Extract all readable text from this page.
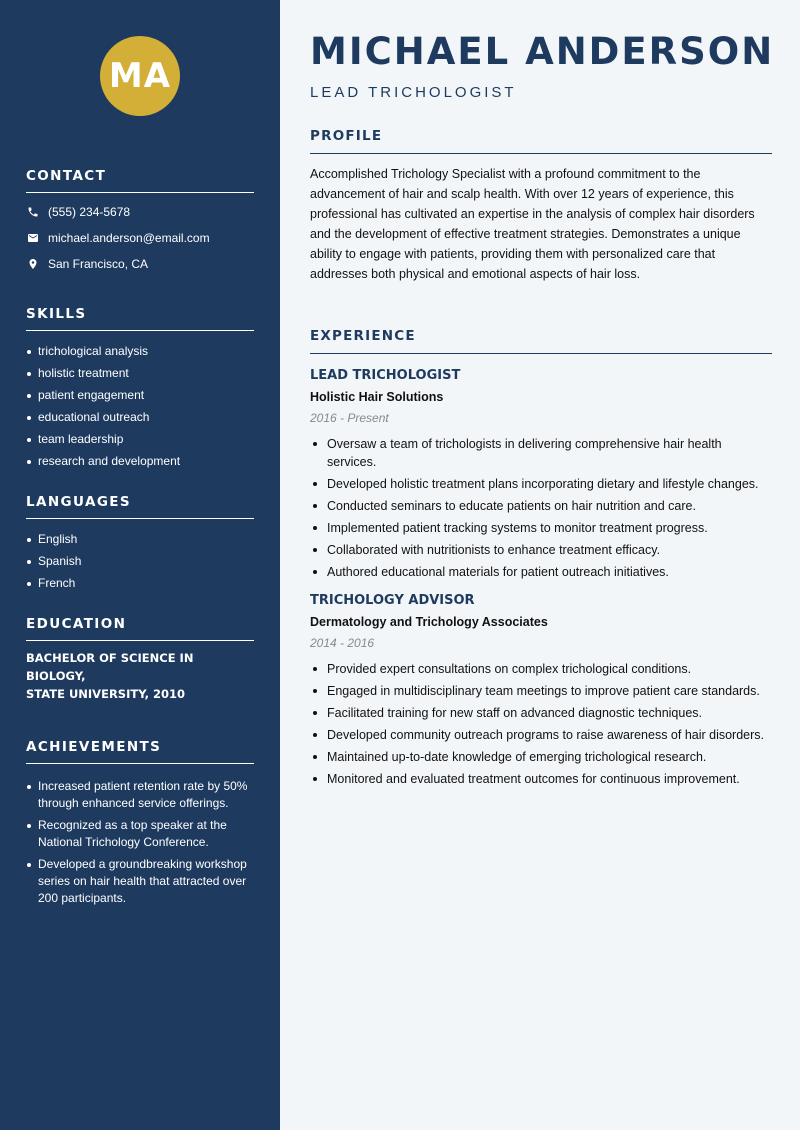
MA
CONTACT
(555) 234-5678
michael.anderson@email.com
San Francisco, CA
SKILLS
trichological analysis
holistic treatment
patient engagement
educational outreach
team leadership
research and development
LANGUAGES
English
Spanish
French
EDUCATION
BACHELOR OF SCIENCE IN BIOLOGY,
STATE UNIVERSITY, 2010
ACHIEVEMENTS
Increased patient retention rate by 50% through enhanced service offerings.
Recognized as a top speaker at the National Trichology Conference.
Developed a groundbreaking workshop series on hair health that attracted over 200 participants.
MICHAEL ANDERSON
LEAD TRICHOLOGIST
PROFILE

Accomplished Trichology Specialist with a profound commitment to the advancement of hair and scalp health. With over 12 years of experience, this professional has cultivated an expertise in the analysis of complex hair disorders and the development of effective treatment strategies. Demonstrates a unique ability to engage with patients, providing them with personalized care that addresses both physical and emotional aspects of hair loss.

EXPERIENCE
LEAD TRICHOLOGIST
Holistic Hair Solutions
2016 - Present
Oversaw a team of trichologists in delivering comprehensive hair health services.
Developed holistic treatment plans incorporating dietary and lifestyle changes.
Conducted seminars to educate patients on hair nutrition and care.
Implemented patient tracking systems to monitor treatment progress.
Collaborated with nutritionists to enhance treatment efficacy.
Authored educational materials for patient outreach initiatives.
TRICHOLOGY ADVISOR
Dermatology and Trichology Associates
2014 - 2016
Provided expert consultations on complex trichological conditions.
Engaged in multidisciplinary team meetings to improve patient care standards.
Facilitated training for new staff on advanced diagnostic techniques.
Developed community outreach programs to raise awareness of hair disorders.
Maintained up-to-date knowledge of emerging trichological research.
Monitored and evaluated treatment outcomes for continuous improvement.
